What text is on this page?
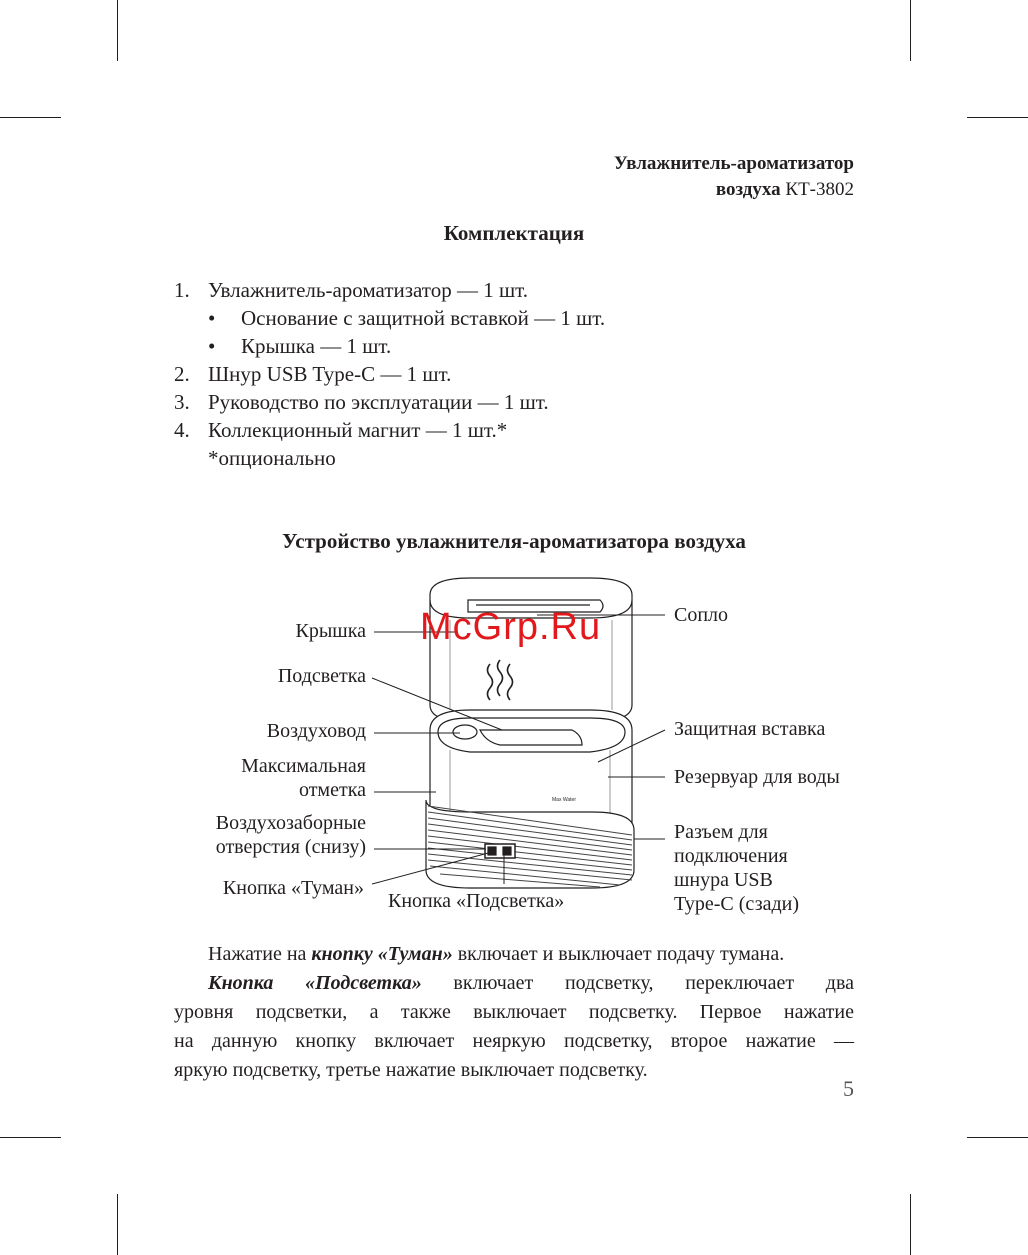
Увлажнитель-ароматизатор
воздуха КТ-3802
Комплектация
1. Увлажнитель-ароматизатор — 1 шт.
• Основание с защитной вставкой — 1 шт.
• Крышка — 1 шт.
2. Шнур USB Type-C — 1 шт.
3. Руководство по эксплуатации — 1 шт.
4. Коллекционный магнит — 1 шт.*
*опционально
Устройство увлажнителя-ароматизатора воздуха
Max Water
Крышка
Подсветка
Воздуховод
Максимальная
отметка
Воздухозаборные
отверстия (снизу)
Кнопка «Туман»
Кнопка «Подсветка»
Сопло
Защитная вставка
Резервуар для воды
Разъем для
подключения
шнура USB
Type-C (сзади)
McGrp.Ru
Нажатие на кнопку «Туман» включает и выключает подачу тумана.
Кнопка «Подсветка» включает подсветку, переключает два
уровня подсветки, а также выключает подсветку. Первое нажатие
на данную кнопку включает неяркую подсветку, второе нажатие —
яркую подсветку, третье нажатие выключает подсветку.
5
